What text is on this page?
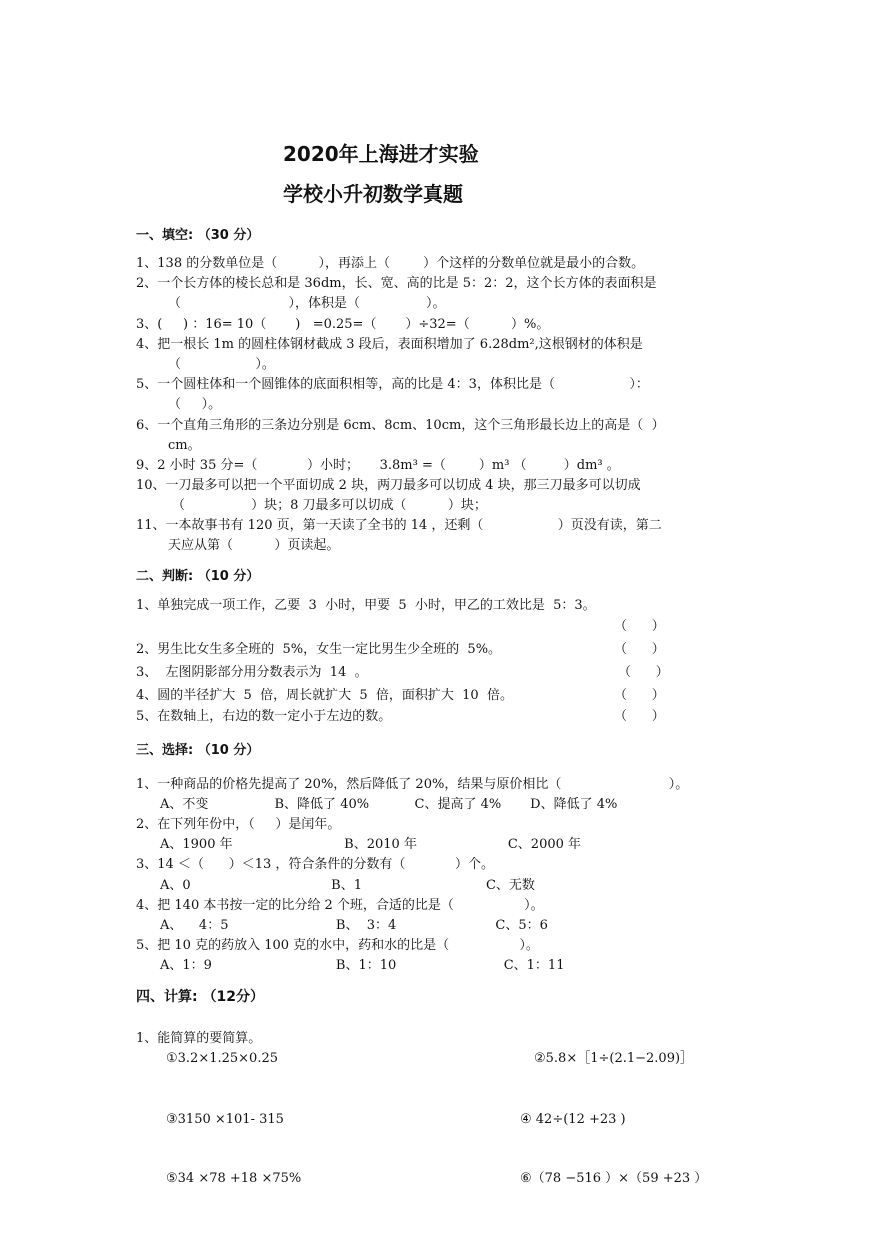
2020年上海进才实验
学校小升初数学真题
一、填空: （30 分）
1、138 的分数单位是（          ），再添上（        ）个这样的分数单位就是最小的合数。
2、一个长方体的棱长总和是 36dm，长、宽、高的比是 5：2：2，这个长方体的表面积是
（                          ），体积是（                ）。
3、(     ) ：16= 10（       )   =0.25=（       ）÷32=（          ）%。
4、把一根长 1m 的圆柱体钢材截成 3 段后，表面积增加了 6.28dm²,这根钢材的体积是
（                  ）。
5、一个圆柱体和一个圆锥体的底面积相等，高的比是 4：3，体积比是（                  ）：
（     ）。
6、一个直角三角形的三条边分别是 6cm、8cm、10cm，这个三角形最长边上的高是（  ）
cm。
9、2 小时 35 分=（            ）小时；     3.8m³ =（        ）m³ （         ）dm³ 。
10、一刀最多可以把一个平面切成 2 块，两刀最多可以切成 4 块，那三刀最多可以切成
（                ）块；8 刀最多可以切成（          ）块；
11、一本故事书有 120 页，第一天读了全书的 14 ，还剩（                  ）页没有读，第二
天应从第（          ）页读起。
二、判断: （10 分）
1、单独完成一项工作，乙要  3  小时，甲要  5  小时，甲乙的工效比是  5：3。
（      ）
2、男生比女生多全班的  5%，女生一定比男生少全班的  5%。	（      ）
3、  左图阴影部分用分数表示为  14  。	（      ）
4、圆的半径扩大  5  倍，周长就扩大  5  倍，面积扩大  10  倍。	（      ）
5、在数轴上，右边的数一定小于左边的数。	（      ）
三、选择: （10 分）
1、一种商品的价格先提高了 20%，然后降低了 20%，结果与原价相比（                          ）。
A、不变                B、降低了 40%           C、提高了 4%       D、降低了 4%
2、在下列年份中，（     ）是闰年。
A、1900 年                           B、2010 年                      C、2000 年
3、14 ＜（      ）＜13 ，符合条件的分数有（            ）个。
A、0                                  B、1                              C、无数
4、把 140 本书按一定的比分给 2 个班，合适的比是（                 ）。
A、    4：5                          B、  3：4                        C、5：6
5、把 10 克的药放入 100 克的水中，药和水的比是（                 ）。
A、1：9                              B、1：10                          C、1：11
四、计算: （12分）
1、能简算的要简算。
①3.2×1.25×0.25	②5.8×［1÷(2.1−2.09)］
③3150 ×101- 315	④ 42÷(12 +23 )
⑤34 ×78 +18 ×75%	⑥（78 −516 ）×（59 +23 ）
